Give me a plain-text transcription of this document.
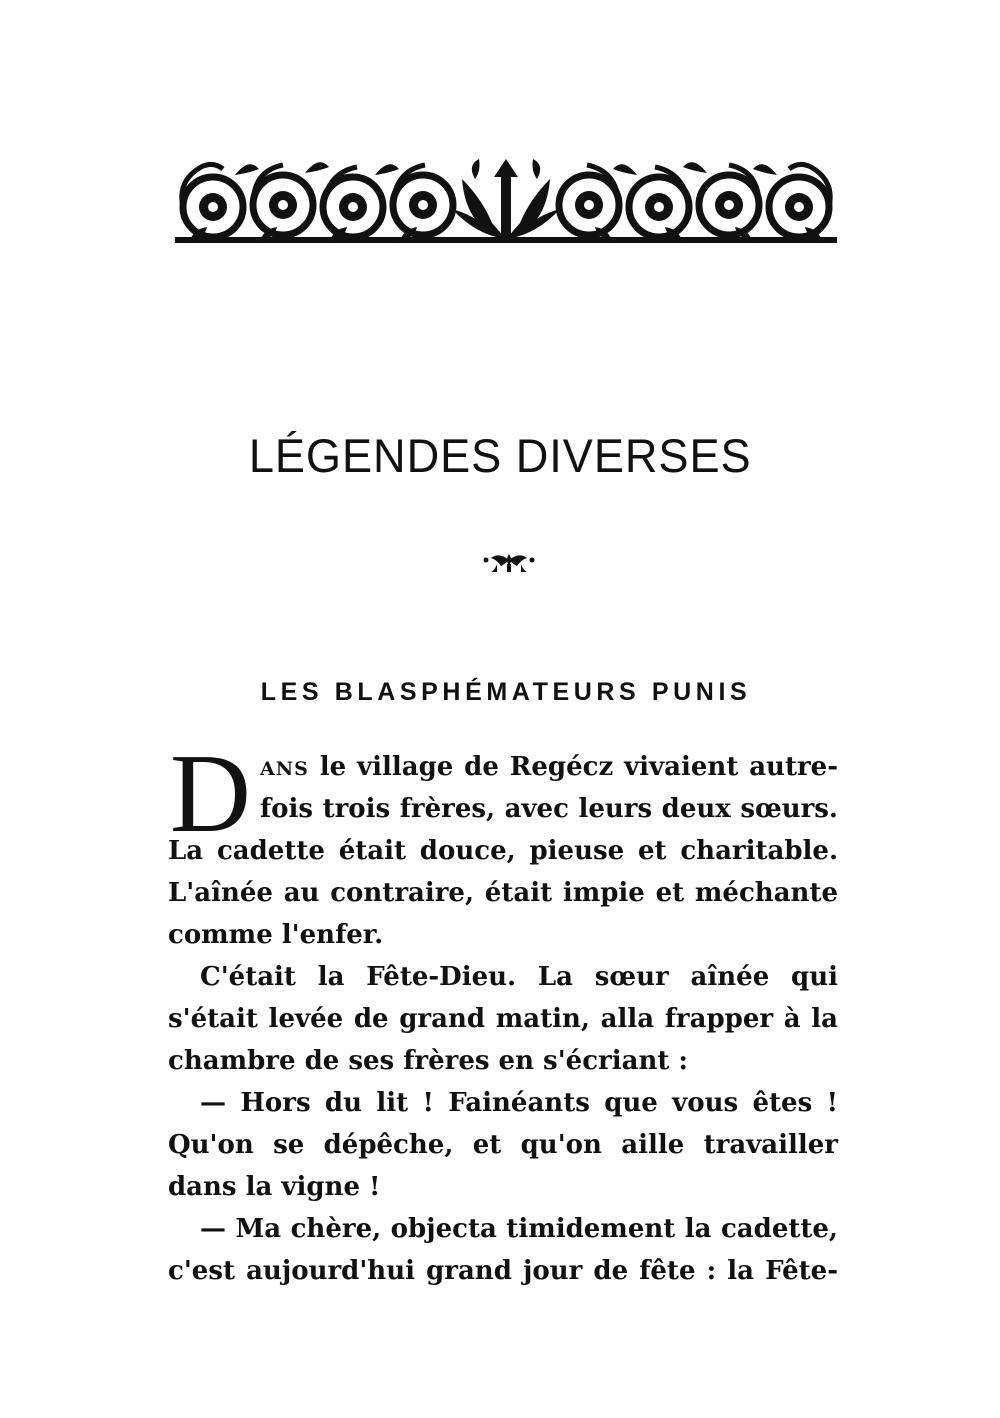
LÉGENDES DIVERSES
LES BLASPHÉMATEURS PUNIS
D ANS le village de Regécz vivaient autre-
fois trois frères, avec leurs deux sœurs.
La cadette était douce, pieuse et charitable.
L'aînée au contraire, était impie et méchante
comme l'enfer.
C'était la Fête-Dieu. La sœur aînée qui
s'était levée de grand matin, alla frapper à la
chambre de ses frères en s'écriant :
— Hors du lit ! Fainéants que vous êtes !
Qu'on se dépêche, et qu'on aille travailler
dans la vigne !
— Ma chère, objecta timidement la cadette,
c'est aujourd'hui grand jour de fête : la Fête-
